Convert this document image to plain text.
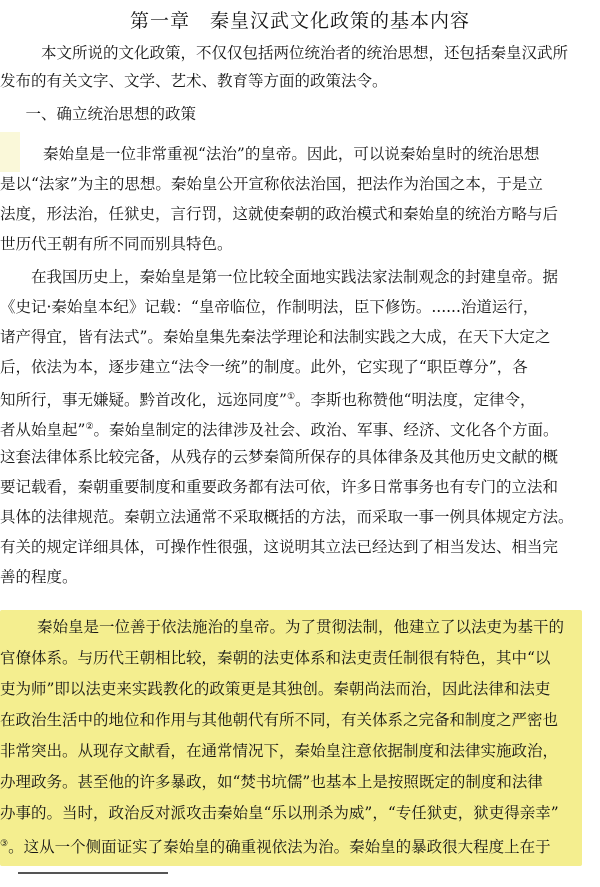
第一章　秦皇汉武文化政策的基本内容
　　本文所说的文化政策，不仅仅包括两位统治者的统治思想，还包括秦皇汉武所
发布的有关文字、文学、艺术、教育等方面的政策法令。
　一、确立统治思想的政策
　　秦始皇是一位非常重视“法治”的皇帝。因此，可以说秦始皇时的统治思想
是以“法家”为主的思想。秦始皇公开宣称依法治国，把法作为治国之本，于是立
法度，形法治，任狱史，言行罚，这就使秦朝的政治模式和秦始皇的统治方略与后
世历代王朝有所不同而别具特色。
　　在我国历史上，秦始皇是第一位比较全面地实践法家法制观念的封建皇帝。据
《史记·秦始皇本纪》记载：“皇帝临位，作制明法，臣下修饬。......治道运行，
诸产得宜，皆有法式”。秦始皇集先秦法学理论和法制实践之大成，在天下大定之
后，依法为本，逐步建立“法令一统”的制度。此外，它实现了“职臣尊分”，各
知所行，事无嫌疑。黔首改化，远迩同度”①。李斯也称赞他“明法度，定律令，
者从始皇起”②。秦始皇制定的法律涉及社会、政治、军事、经济、文化各个方面。
这套法律体系比较完备，从残存的云梦秦简所保存的具体律条及其他历史文献的概
要记载看，秦朝重要制度和重要政务都有法可依，许多日常事务也有专门的立法和
具体的法律规范。秦朝立法通常不采取概括的方法，而采取一事一例具体规定方法。
有关的规定详细具体，可操作性很强，这说明其立法已经达到了相当发达、相当完
善的程度。
　　秦始皇是一位善于依法施治的皇帝。为了贯彻法制，他建立了以法吏为基干的
官僚体系。与历代王朝相比较，秦朝的法吏体系和法吏责任制很有特色，其中“以
吏为师”即以法吏来实践教化的政策更是其独创。秦朝尚法而治，因此法律和法吏
在政治生活中的地位和作用与其他朝代有所不同，有关体系之完备和制度之严密也
非常突出。从现存文献看，在通常情况下，秦始皇注意依据制度和法律实施政治，
办理政务。甚至他的许多暴政，如“焚书坑儒”也基本上是按照既定的制度和法律
办事的。当时，政治反对派攻击秦始皇“乐以刑杀为威”，“专任狱吏，狱吏得亲幸”
③。这从一个侧面证实了秦始皇的确重视依法为治。秦始皇的暴政很大程度上在于
